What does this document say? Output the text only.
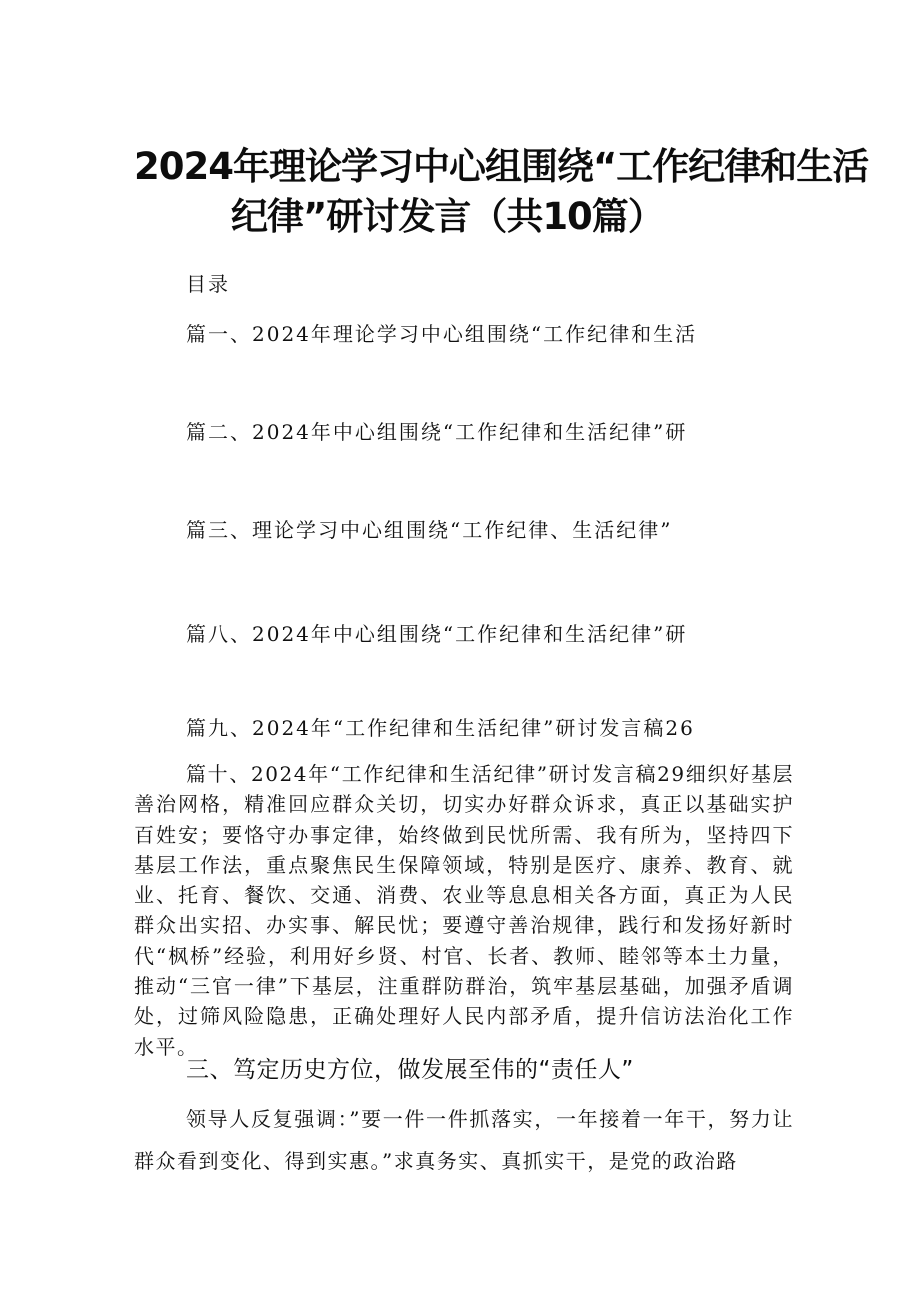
2024年理论学习中心组围绕“工作纪律和生活
纪律”研讨发言（共10篇）
目录
篇一、2024年理论学习中心组围绕“工作纪律和生活
篇二、2024年中心组围绕“工作纪律和生活纪律”研
篇三、理论学习中心组围绕“工作纪律、生活纪律”
篇八、2024年中心组围绕“工作纪律和生活纪律”研
篇九、2024年“工作纪律和生活纪律”研讨发言稿26
篇十、2024年“工作纪律和生活纪律”研讨发言稿29细织好基层善治网格，精准回应群众关切，切实办好群众诉求，真正以基础实护百姓安；要恪守办事定律，始终做到民忧所需、我有所为，坚持四下基层工作法，重点聚焦民生保障领域，特别是医疗、康养、教育、就业、托育、餐饮、交通、消费、农业等息息相关各方面，真正为人民群众出实招、办实事、解民忧；要遵守善治规律，践行和发扬好新时代“枫桥”经验，利用好乡贤、村官、长者、教师、睦邻等本土力量，推动“三官一律”下基层，注重群防群治，筑牢基层基础，加强矛盾调处，过筛风险隐患，正确处理好人民内部矛盾，提升信访法治化工作水平。
三、笃定历史方位，做发展至伟的“责任人”
领导人反复强调：”要一件一件抓落实，一年接着一年干，努力让群众看到变化、得到实惠。”求真务实、真抓实干，是党的政治路
